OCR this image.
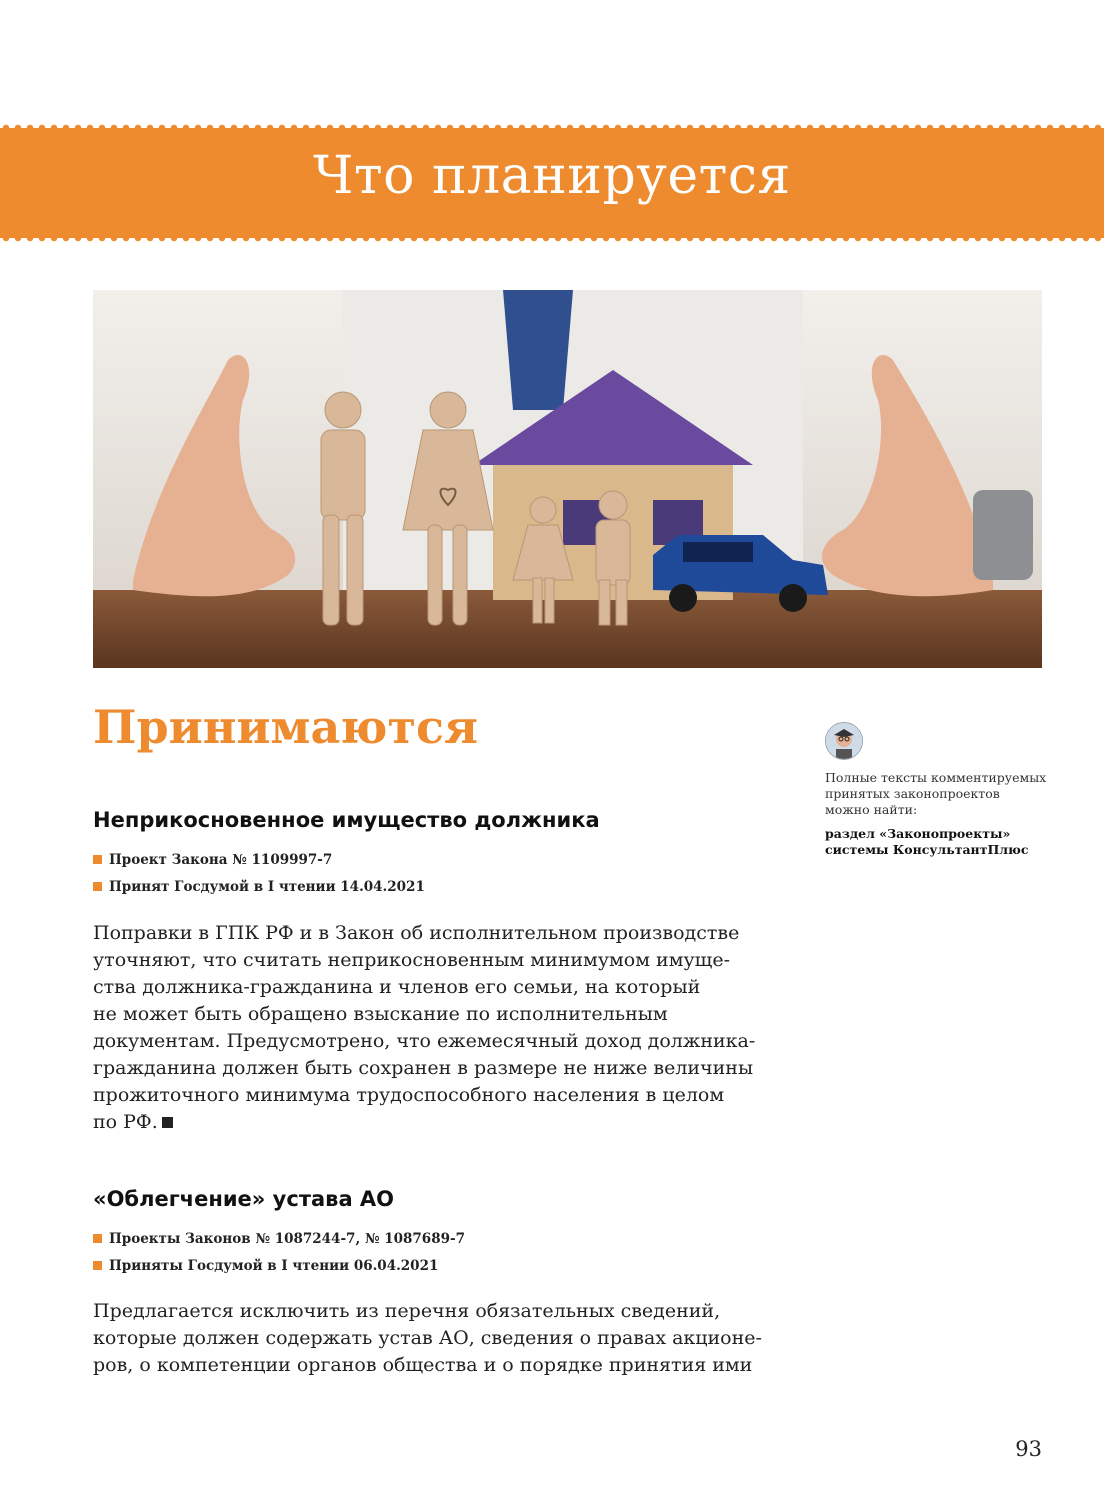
Что планируется
Принимаются
Полные тексты комментируемых
принятых законопроектов
можно найти:
раздел «Законопроекты»
системы КонсультантПлюс
Неприкосновенное имущество должника
Проект Закона № 1109997-7
Принят Госдумой в I чтении 14.04.2021
Поправки в ГПК РФ и в Закон об исполнительном производстве
уточняют, что считать неприкосновенным минимумом имуще-
ства должника-гражданина и членов его семьи, на который
не может быть обращено взыскание по исполнительным
документам. Предусмотрено, что ежемесячный доход должника-
гражданина должен быть сохранен в размере не ниже величины
прожиточного минимума трудоспособного населения в целом
по РФ.
«Облегчение» устава АО
Проекты Законов № 1087244-7, № 1087689-7
Приняты Госдумой в I чтении 06.04.2021
Предлагается исключить из перечня обязательных сведений,
которые должен содержать устав АО, сведения о правах акционе-
ров, о компетенции органов общества и о порядке принятия ими
93
